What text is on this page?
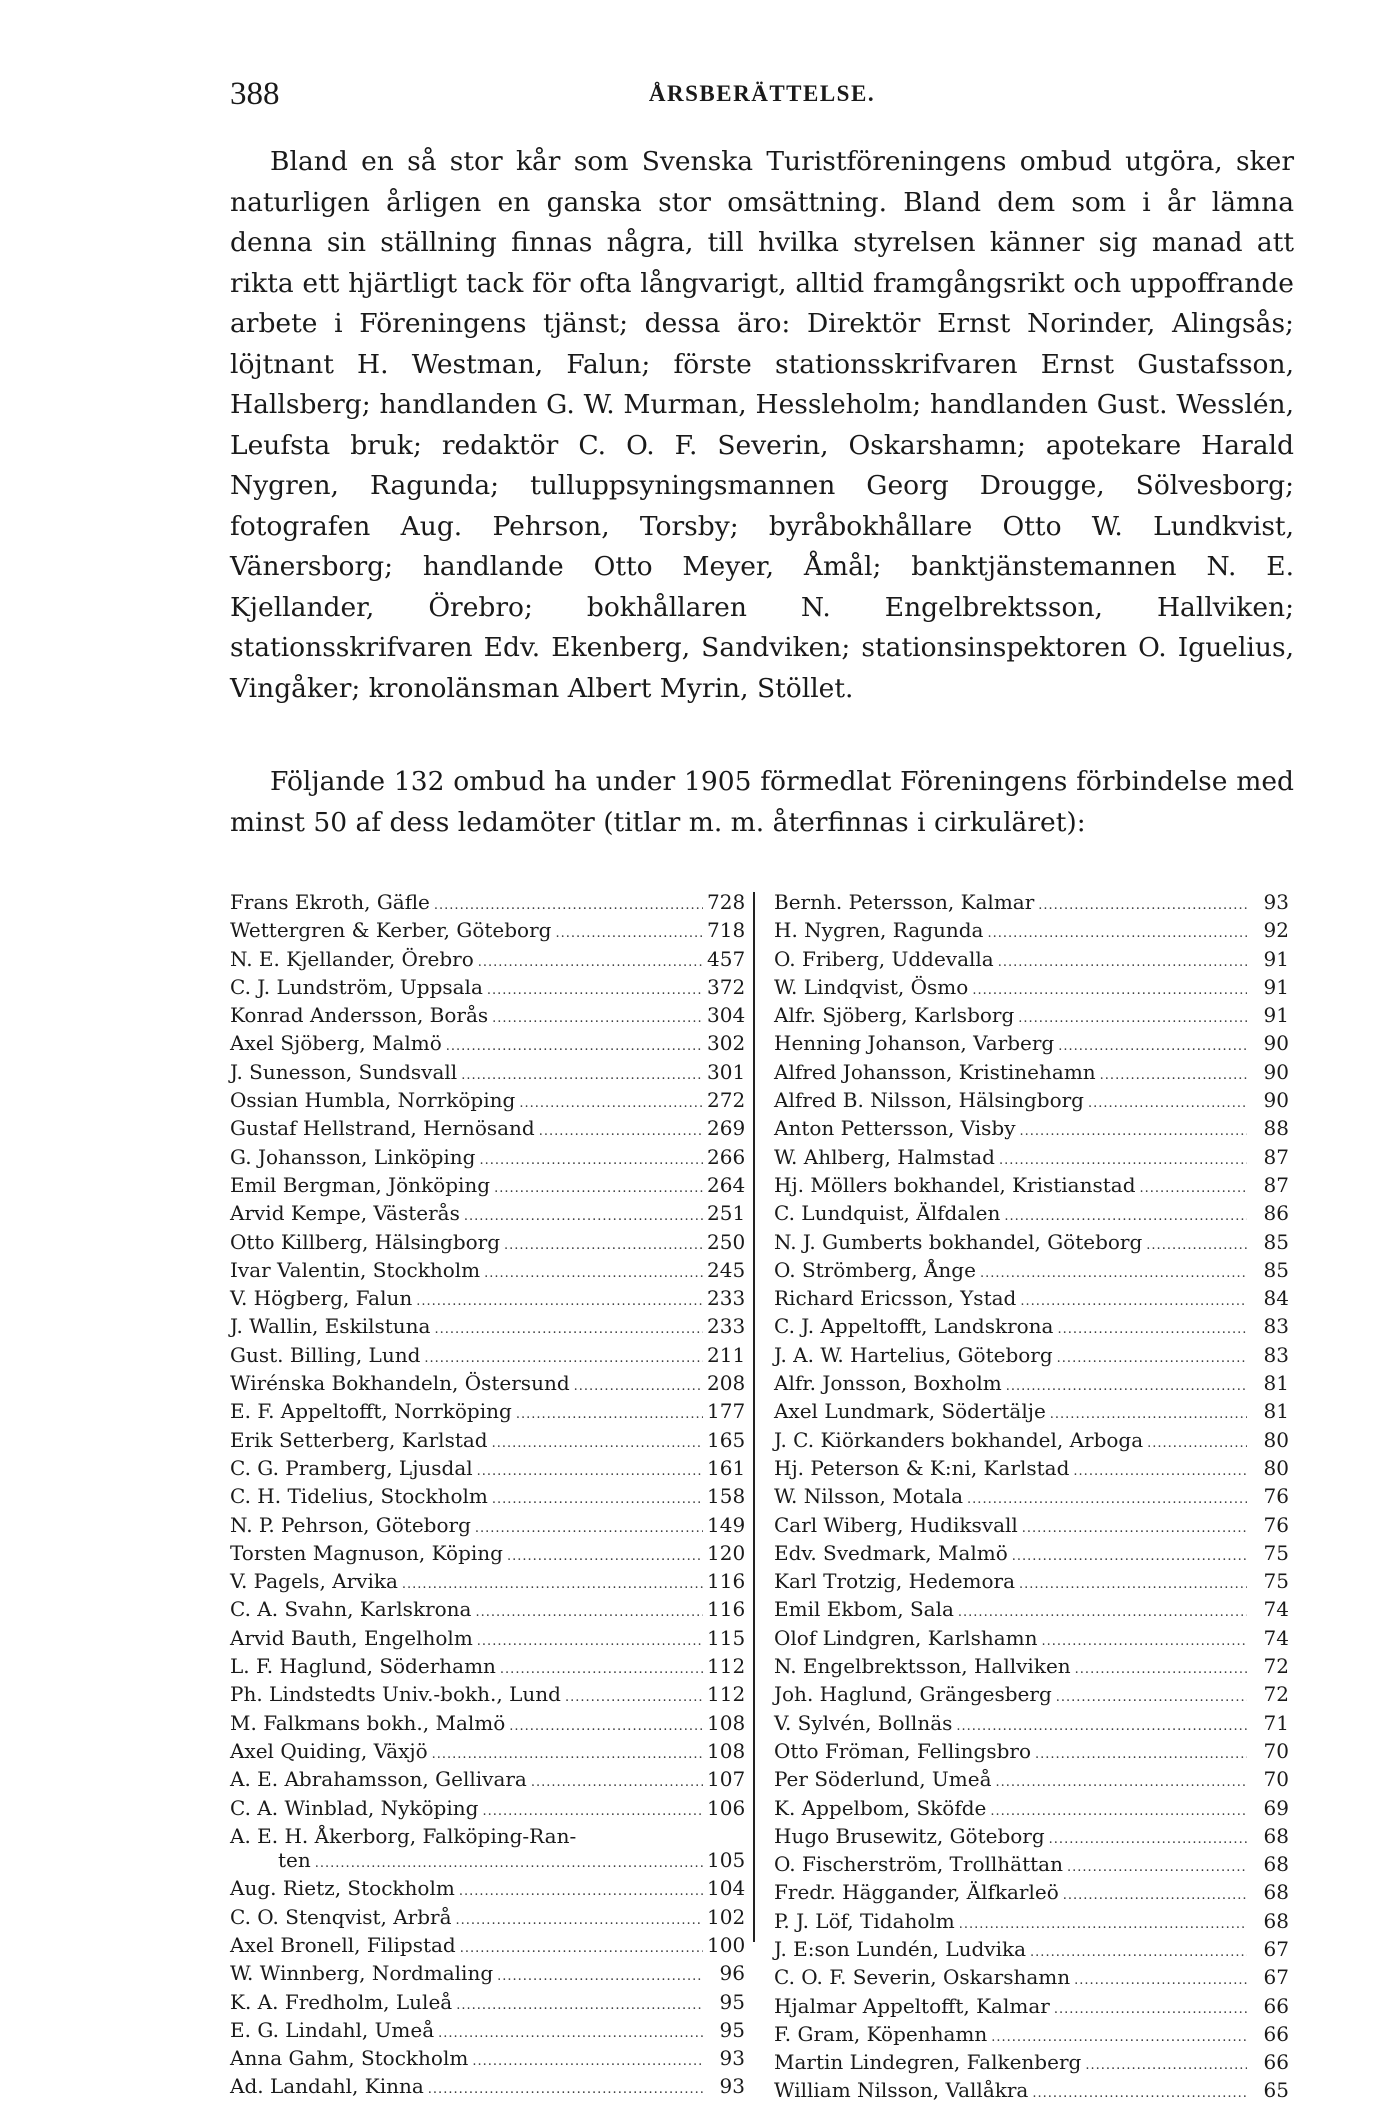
388	ÅRSBERÄTTELSE.

Bland en så stor kår som Svenska Turistföreningens ombud utgöra, sker naturligen årligen en ganska stor omsättning. Bland dem som i år lämna denna sin ställning finnas några, till hvilka styrelsen känner sig manad att rikta ett hjärtligt tack för ofta långvarigt, alltid framgångsrikt och uppoffrande arbete i Föreningens tjänst; dessa äro: Direktör Ernst Norinder, Alingsås; löjtnant H. Westman, Falun; förste stationsskrifvaren Ernst Gustafsson, Hallsberg; handlanden G. W. Murman, Hessleholm; handlanden Gust. Wesslén, Leufsta bruk; redaktör C. O. F. Severin, Oskarshamn; apotekare Harald Nygren, Ragunda; tulluppsyningsmannen Georg Drougge, Sölvesborg; fotografen Aug. Pehrson, Torsby; byråbokhållare Otto W. Lundkvist, Vänersborg; handlande Otto Meyer, Åmål; banktjänstemannen N. E. Kjellander, Örebro; bokhållaren N. Engelbrektsson, Hallviken; stationsskrifvaren Edv. Ekenberg, Sandviken; stationsinspektoren O. Iguelius, Vingåker; kronolänsman Albert Myrin, Stöllet.

Följande 132 ombud ha under 1905 förmedlat Föreningens förbindelse med minst 50 af dess ledamöter (titlar m. m. återfinnas i cirkuläret):

Frans Ekroth, Gäfle .....	728
Wettergren & Kerber, Göteborg .....	718
N. E. Kjellander, Örebro .....	457
C. J. Lundström, Uppsala .....	372
Konrad Andersson, Borås .....	304
Axel Sjöberg, Malmö .....	302
J. Sunesson, Sundsvall .....	301
Ossian Humbla, Norrköping .....	272
Gustaf Hellstrand, Hernösand .....	269
G. Johansson, Linköping .....	266
Emil Bergman, Jönköping .....	264
Arvid Kempe, Västerås .....	251
Otto Killberg, Hälsingborg .....	250
Ivar Valentin, Stockholm .....	245
V. Högberg, Falun .....	233
J. Wallin, Eskilstuna .....	233
Gust. Billing, Lund .....	211
Wirénska Bokhandeln, Östersund .....	208
E. F. Appeltofft, Norrköping .....	177
Erik Setterberg, Karlstad .....	165
C. G. Pramberg, Ljusdal .....	161
C. H. Tidelius, Stockholm .....	158
N. P. Pehrson, Göteborg .....	149
Torsten Magnuson, Köping .....	120
V. Pagels, Arvika .....	116
C. A. Svahn, Karlskrona .....	116
Arvid Bauth, Engelholm .....	115
L. F. Haglund, Söderhamn .....	112
Ph. Lindstedts Univ.-bokh., Lund .....	112
M. Falkmans bokh., Malmö .....	108
Axel Quiding, Växjö .....	108
A. E. Abrahamsson, Gellivara .....	107
C. A. Winblad, Nyköping .....	106
A. E. H. Åkerborg, Falköping-Ran-
ten .....	105
Aug. Rietz, Stockholm .....	104
C. O. Stenqvist, Arbrå .....	102
Axel Bronell, Filipstad .....	100
W. Winnberg, Nordmaling .....	96
K. A. Fredholm, Luleå .....	95
E. G. Lindahl, Umeå .....	95
Anna Gahm, Stockholm .....	93
Ad. Landahl, Kinna .....	93
Bernh. Petersson, Kalmar .....	93
H. Nygren, Ragunda .....	92
O. Friberg, Uddevalla .....	91
W. Lindqvist, Ösmo .....	91
Alfr. Sjöberg, Karlsborg .....	91
Henning Johanson, Varberg .....	90
Alfred Johansson, Kristinehamn .....	90
Alfred B. Nilsson, Hälsingborg .....	90
Anton Pettersson, Visby .....	88
W. Ahlberg, Halmstad .....	87
Hj. Möllers bokhandel, Kristianstad .....	87
C. Lundquist, Älfdalen .....	86
N. J. Gumberts bokhandel, Göteborg .....	85
O. Strömberg, Ånge .....	85
Richard Ericsson, Ystad .....	84
C. J. Appeltofft, Landskrona .....	83
J. A. W. Hartelius, Göteborg .....	83
Alfr. Jonsson, Boxholm .....	81
Axel Lundmark, Södertälje .....	81
J. C. Kiörkanders bokhandel, Arboga .....	80
Hj. Peterson & K:ni, Karlstad .....	80
W. Nilsson, Motala .....	76
Carl Wiberg, Hudiksvall .....	76
Edv. Svedmark, Malmö .....	75
Karl Trotzig, Hedemora .....	75
Emil Ekbom, Sala .....	74
Olof Lindgren, Karlshamn .....	74
N. Engelbrektsson, Hallviken .....	72
Joh. Haglund, Grängesberg .....	72
V. Sylvén, Bollnäs .....	71
Otto Fröman, Fellingsbro .....	70
Per Söderlund, Umeå .....	70
K. Appelbom, Sköfde .....	69
Hugo Brusewitz, Göteborg .....	68
O. Fischerström, Trollhättan .....	68
Fredr. Häggander, Älfkarleö .....	68
P. J. Löf, Tidaholm .....	68
J. E:son Lundén, Ludvika .....	67
C. O. F. Severin, Oskarshamn .....	67
Hjalmar Appeltofft, Kalmar .....	66
F. Gram, Köpenhamn .....	66
Martin Lindegren, Falkenberg .....	66
William Nilsson, Vallåkra .....	65
